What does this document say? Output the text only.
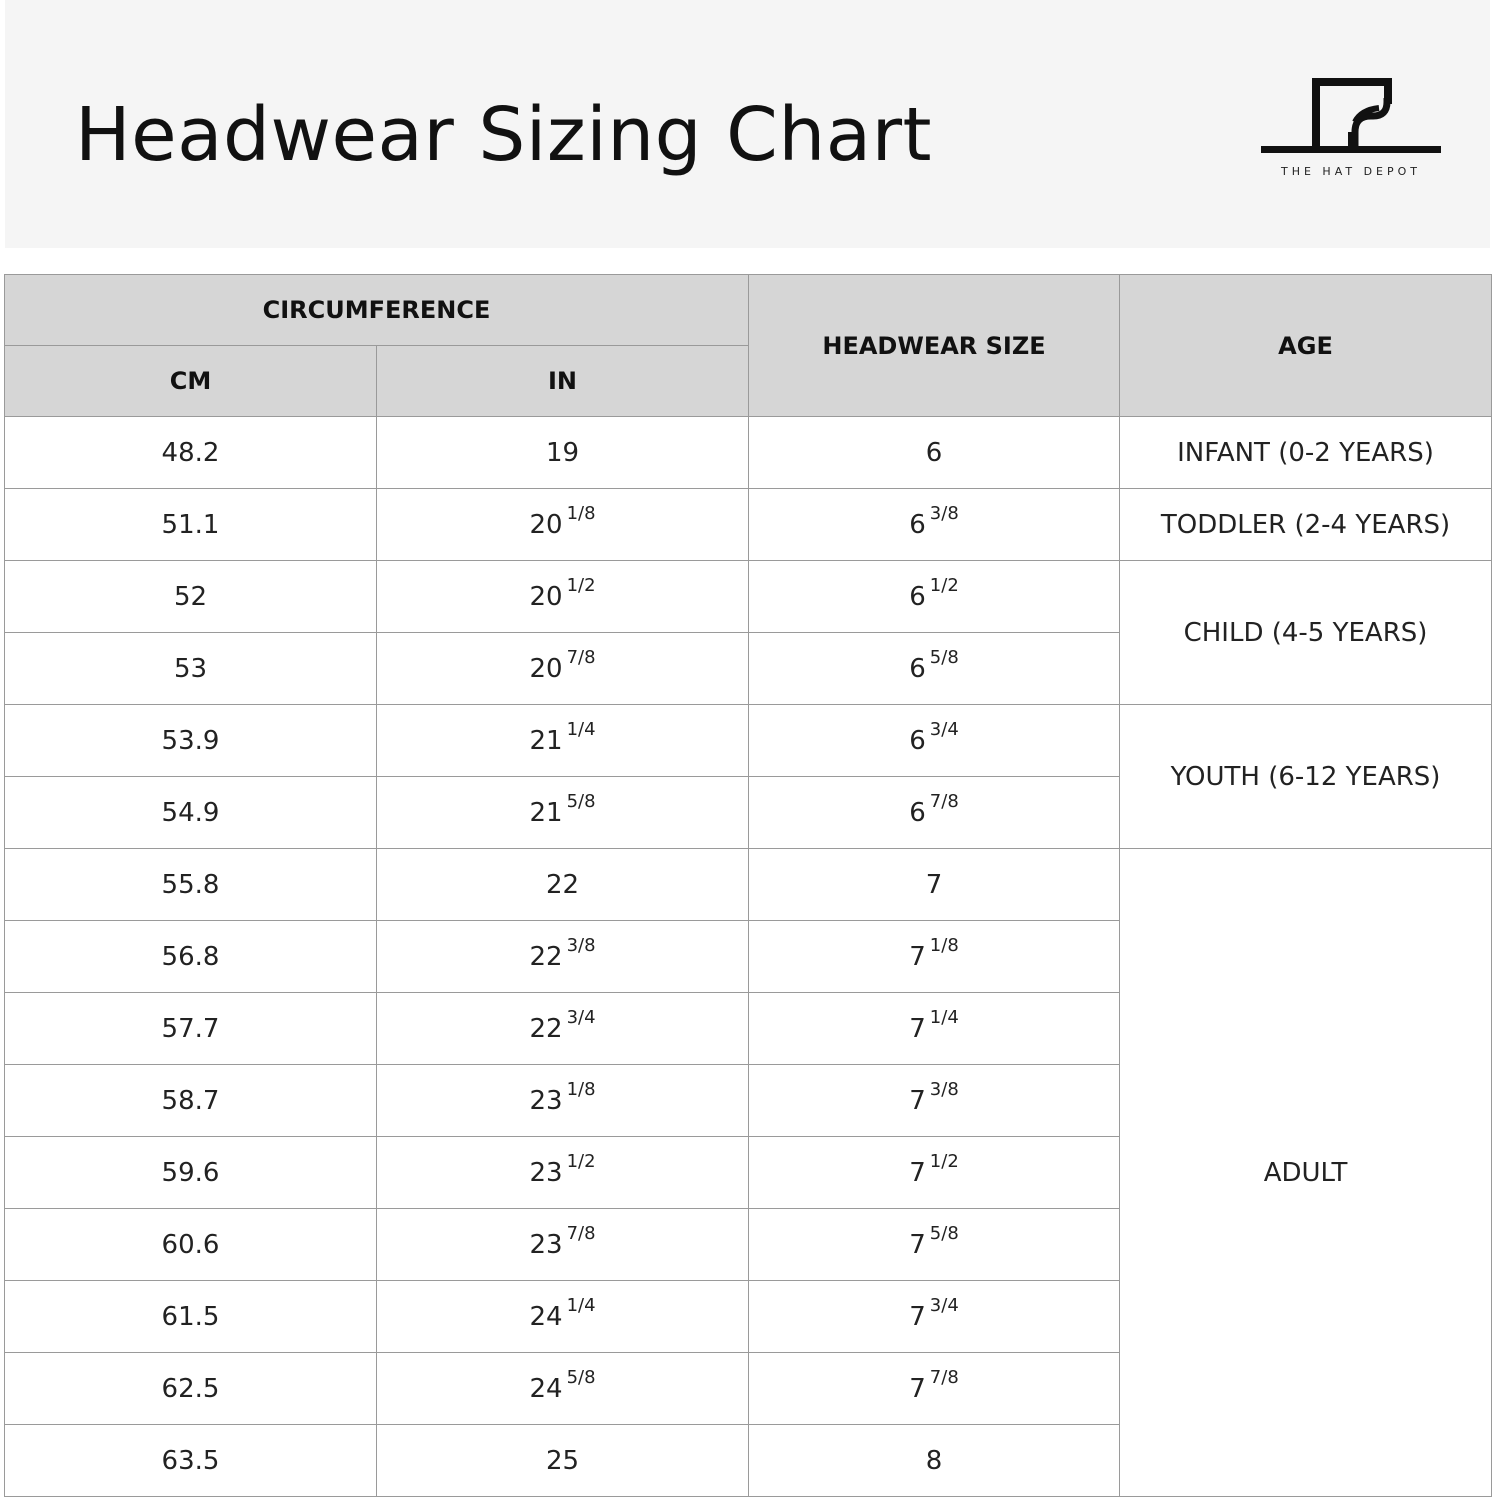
Headwear Sizing Chart	THE HAT DEPOT
CIRCUMFERENCE		HEADWEAR SIZE	AGE
CM	IN		
48.2	19	6	INFANT (0-2 YEARS)
51.1	20 $^{1/8}$	6 $^{3/8}$	TODDLER (2-4 YEARS)
52	20 $^{1/2}$	6 $^{1/2}$	CHILD (4-5 YEARS)
53	20 $^{7/8}$	6 $^{5/8}$
53.9	21 $^{1/4}$	6 $^{3/4}$	YOUTH (6-12 YEARS)
54.9	21 $^{5/8}$	6 $^{7/8}$
55.8	22	7	ADULT
56.8	22 $^{3/8}$	7 $^{1/8}$
57.7	22 $^{3/4}$	7 $^{1/4}$
58.7	23 $^{1/8}$	7 $^{3/8}$
59.6	23 $^{1/2}$	7 $^{1/2}$
60.6	23 $^{7/8}$	7 $^{5/8}$
61.5	24 $^{1/4}$	7 $^{3/4}$
62.5	24 $^{5/8}$	7 $^{7/8}$
63.5	25	8	
